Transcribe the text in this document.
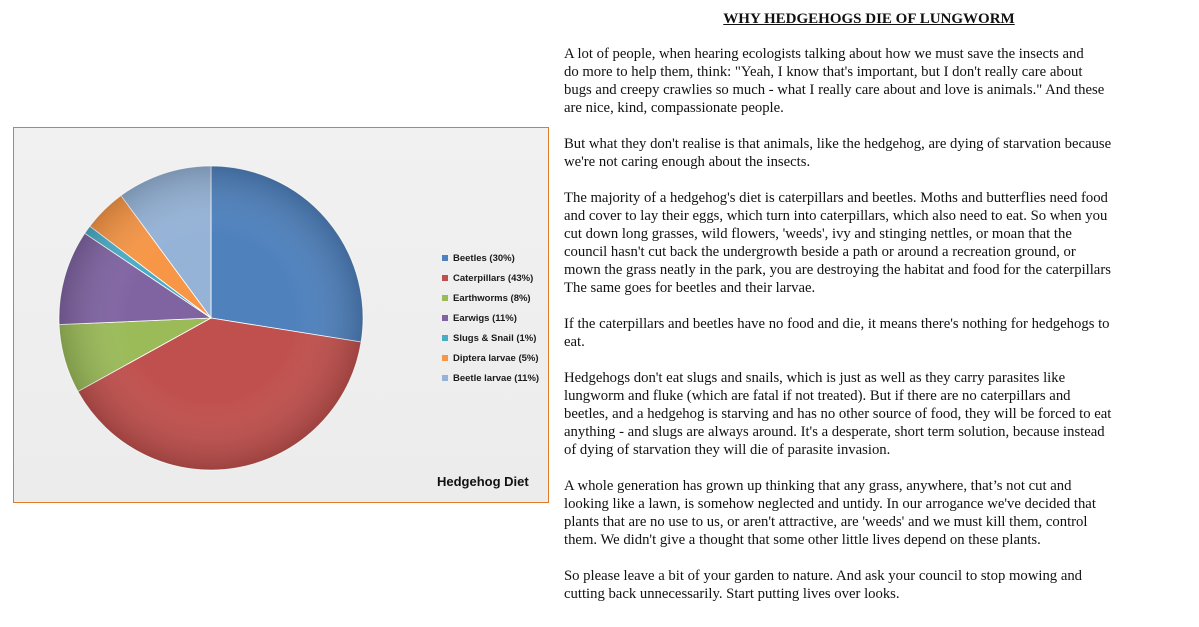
Beetles (30%)
Caterpillars (43%)
Earthworms (8%)
Earwigs (11%)
Slugs & Snail (1%)
Diptera larvae (5%)
Beetle larvae (11%)
Hedgehog Diet
WHY HEDGEHOGS DIE OF LUNGWORM
A lot of people, when hearing ecologists talking about how we must save the insects and
do more to help them, think: "Yeah, I know that's important, but I don't really care about
bugs and creepy crawlies so much - what I really care about and love is animals." And these
are nice, kind, compassionate people.
But what they don't realise is that animals, like the hedgehog, are dying of starvation because
we're not caring enough about the insects.
The majority of a hedgehog's diet is caterpillars and beetles. Moths and butterflies need food
and cover to lay their eggs, which turn into caterpillars, which also need to eat. So when you
cut down long grasses, wild flowers, 'weeds', ivy and stinging nettles, or moan that the
council hasn't cut back the undergrowth beside a path or around a recreation ground, or
mown the grass neatly in the park, you are destroying the habitat and food for the caterpillars
The same goes for beetles and their larvae.
If the caterpillars and beetles have no food and die, it means there's nothing for hedgehogs to
eat.
Hedgehogs don't eat slugs and snails, which is just as well as they carry parasites like
lungworm and fluke (which are fatal if not treated). But if there are no caterpillars and
beetles, and a hedgehog is starving and has no other source of food, they will be forced to eat
anything - and slugs are always around. It's a desperate, short term solution, because instead
of dying of starvation they will die of parasite invasion.
A whole generation has grown up thinking that any grass, anywhere, that’s not cut and
looking like a lawn, is somehow neglected and untidy. In our arrogance we've decided that
plants that are no use to us, or aren't attractive, are 'weeds' and we must kill them, control
them. We didn't give a thought that some other little lives depend on these plants.
So please leave a bit of your garden to nature. And ask your council to stop mowing and
cutting back unnecessarily. Start putting lives over looks.
